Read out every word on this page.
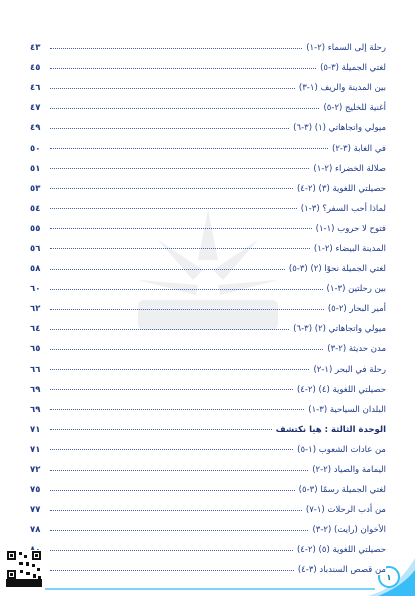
رحلة إلى السماء (٢-١)
٤٣
لغتي الجميلة (٣-٥)
٤٥
بين المدينة والريف (١-٣)
٤٦
أغنية للخليج (٢-٥)
٤٧
ميولي واتجاهاتي (١) (٣-٦)
٤٩
في الغابة (٣-٢)
٥٠
صلالة الخضراء (٢-١)
٥١
حصيلتي اللغوية (٣) (٢-٤)
٥٣
لماذا أحب السفر؟ (٣-١)
٥٤
فتوح لا حروب (١-١)
٥٥
المدينة البيضاء (٢-١)
٥٦
لغتي الجميلة نحوًا (٢) (٣-٥)
٥٨
بين رحلتين (٣-١)
٦٠
أمير البحار (٢-٥)
٦٢
ميولي واتجاهاتي (٢) (٣-٦)
٦٤
مدن حديثة (٢-٣)
٦٥
رحلة في البحر (١-٢)
٦٦
حصيلتي اللغوية (٤) (٢-٤)
٦٩
البلدان السياحية (٣-١)
٦٩
الوحدة الثالثة : هيا نكتشف
٧١
من عادات الشعوب (١-٥)
٧١
اليمامة والصياد (٢-٢)
٧٢
لغتي الجميلة رسمًا (٣-٥)
٧٥
من أدب الرحلات (١-٧)
٧٧
الأخوان (رايت) (٢-٣)
٧٨
حصيلتي اللغوية (٥) (٢-٤)
من قصص السندباد (٣-٤)
١
